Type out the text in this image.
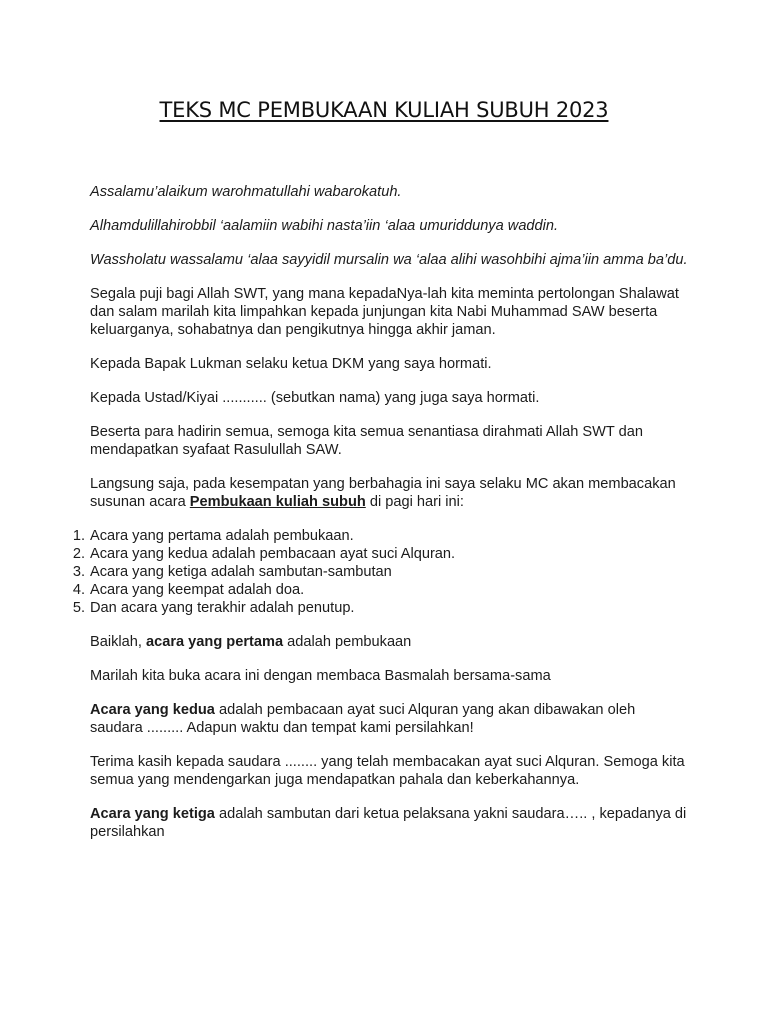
TEKS MC PEMBUKAAN KULIAH SUBUH 2023

Assalamu’alaikum warohmatullahi wabarokatuh.

Alhamdulillahirobbil ‘aalamiin wabihi nasta’iin ‘alaa umuriddunya waddin.

Wassholatu wassalamu ‘alaa sayyidil mursalin wa ‘alaa alihi wasohbihi ajma’iin amma ba’du.

Segala puji bagi Allah SWT, yang mana kepadaNya-lah kita meminta pertolongan Shalawat dan salam marilah kita limpahkan kepada junjungan kita Nabi Muhammad SAW beserta keluarganya, sohabatnya dan pengikutnya hingga akhir jaman.

Kepada Bapak Lukman selaku ketua DKM yang saya hormati.

Kepada Ustad/Kiyai ........... (sebutkan nama) yang juga saya hormati.

Beserta para hadirin semua, semoga kita semua senantiasa dirahmati Allah SWT dan mendapatkan syafaat Rasulullah SAW.

Langsung saja, pada kesempatan yang berbahagia ini saya selaku MC akan membacakan susunan acara Pembukaan kuliah subuh di pagi hari ini:

1. Acara yang pertama adalah pembukaan.
2. Acara yang kedua adalah pembacaan ayat suci Alquran.
3. Acara yang ketiga adalah sambutan-sambutan
4. Acara yang keempat adalah doa.
5. Dan acara yang terakhir adalah penutup.

Baiklah, acara yang pertama adalah pembukaan

Marilah kita buka acara ini dengan membaca Basmalah bersama-sama

Acara yang kedua adalah pembacaan ayat suci Alquran yang akan dibawakan oleh saudara ......... Adapun waktu dan tempat kami persilahkan!

Terima kasih kepada saudara ........ yang telah membacakan ayat suci Alquran. Semoga kita semua yang mendengarkan juga mendapatkan pahala dan keberkahannya.

Acara yang ketiga adalah sambutan dari ketua pelaksana yakni saudara….. , kepadanya di persilahkan
